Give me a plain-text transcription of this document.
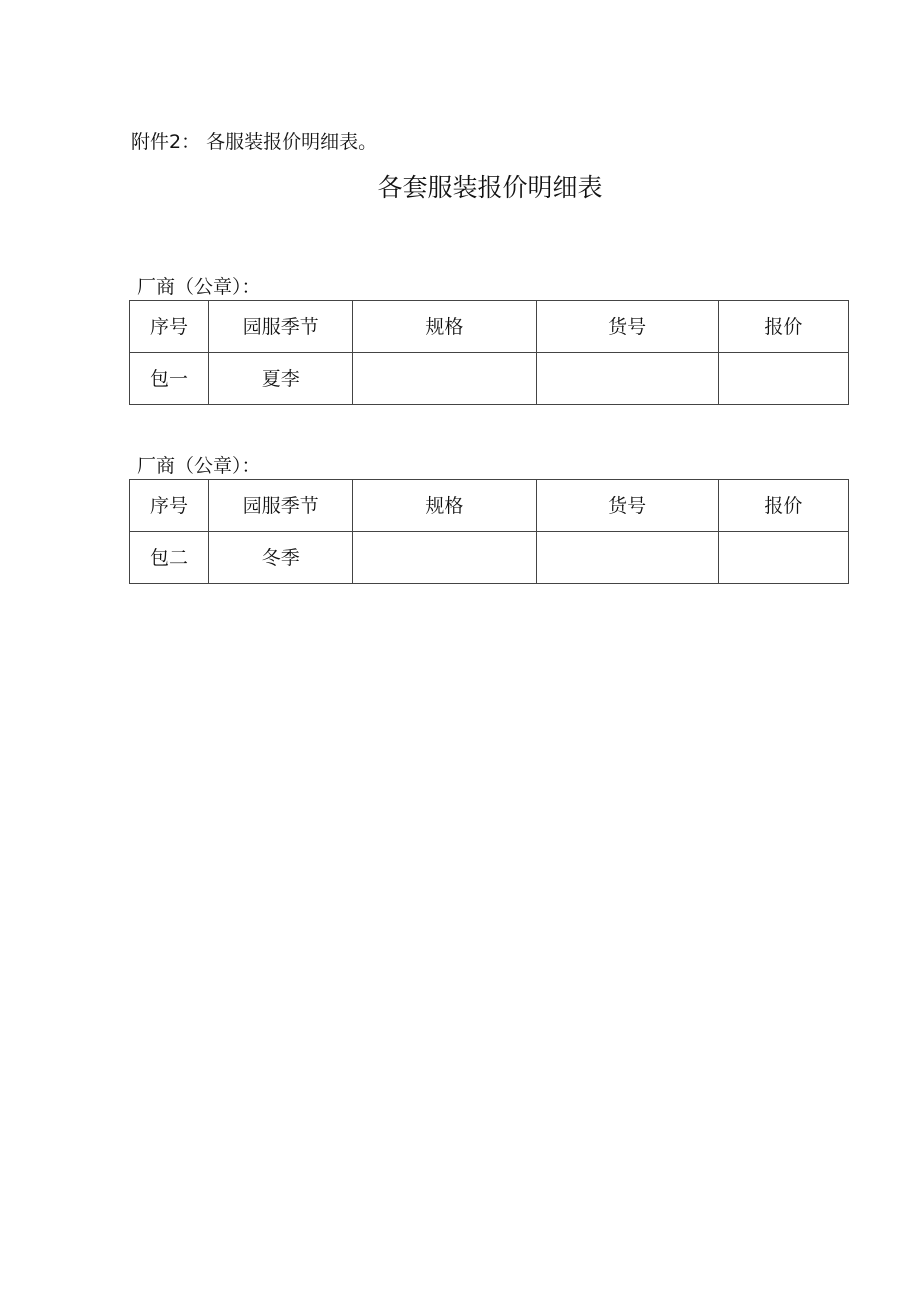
附件2： 各服装报价明细表。
各套服装报价明细表
厂商（公章）：
序号	园服季节	规格	货号	报价
包一	夏李			
厂商（公章）：
序号	园服季节	规格	货号	报价
包二	冬季			
